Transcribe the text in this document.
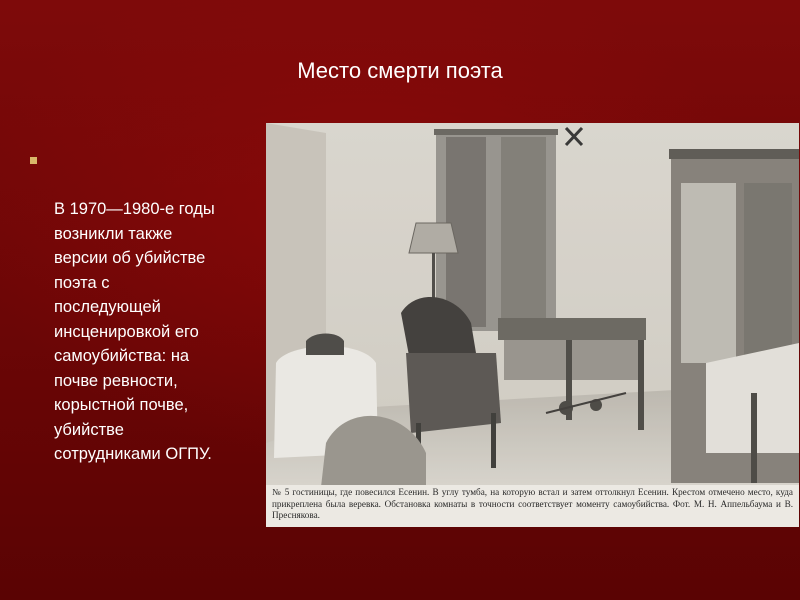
Место смерти поэта

В 1970—1980-е годы
возникли также
версии об убийстве
поэта с
последующей
инсценировкой его
самоубийства: на
почве ревности,
корыстной почве,
убийстве
сотрудниками ОГПУ.

№ 5 гостиницы, где повесился Есенин. В углу тумба, на которую встал и затем оттолкнул Есенин. Крестом отмечено место, куда прикреплена была веревка. Обстановка комнаты в точности соответствует моменту самоубийства. Фот. М. Н. Аппельбаума и В. Преснякова.
